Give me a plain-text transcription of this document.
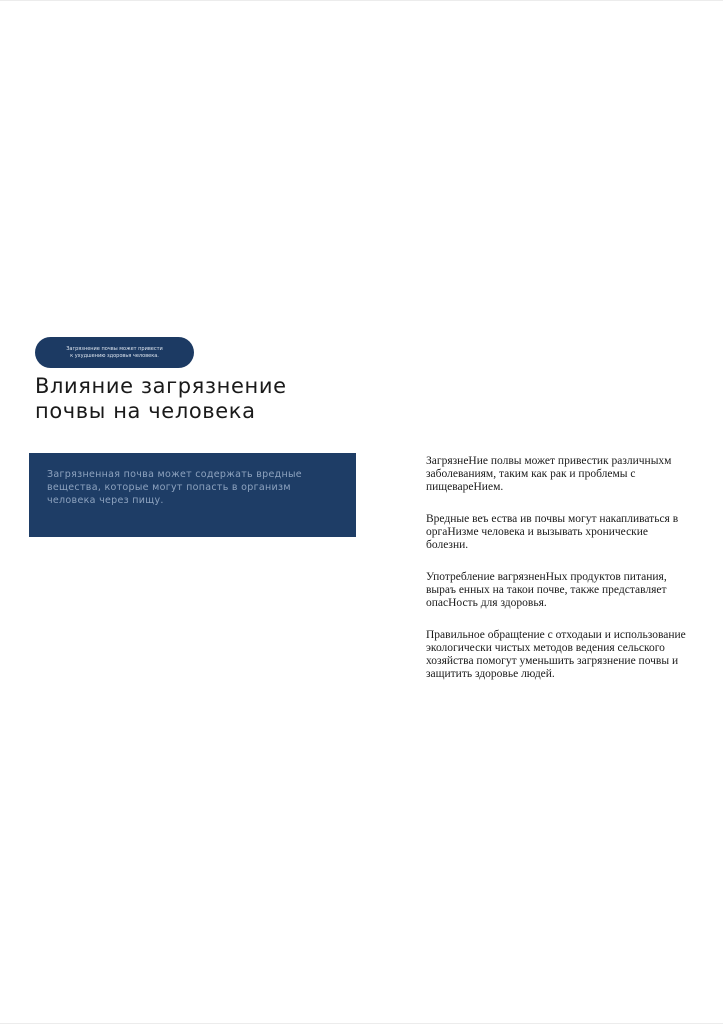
Загрязнение почвы может привести
к ухудшению здоровья человека.
Влияние загрязнение
почвы на человека
Загрязненная почва может содержать вредные вещества, которые могут попасть в организм человека через пищу.

ЗагрязнеНие полвы может привестик различныхм заболеваниям, таким как рак и проблемы с пищевареНием.

Вредные веъ ества ив почвы могут накапливаться в оргаНизме человека и вызывать хронические болезни.

Употребление вагрязненНых продуктов питания, выраъ енных на такои почве, также представляет опасНость для здоровья.

Правильное обращtение с отходаыи и использование экологически чистых методов ведения сельского хозяйства помогут уменьшить загрязнение почвы и защитить здоровье людей.
